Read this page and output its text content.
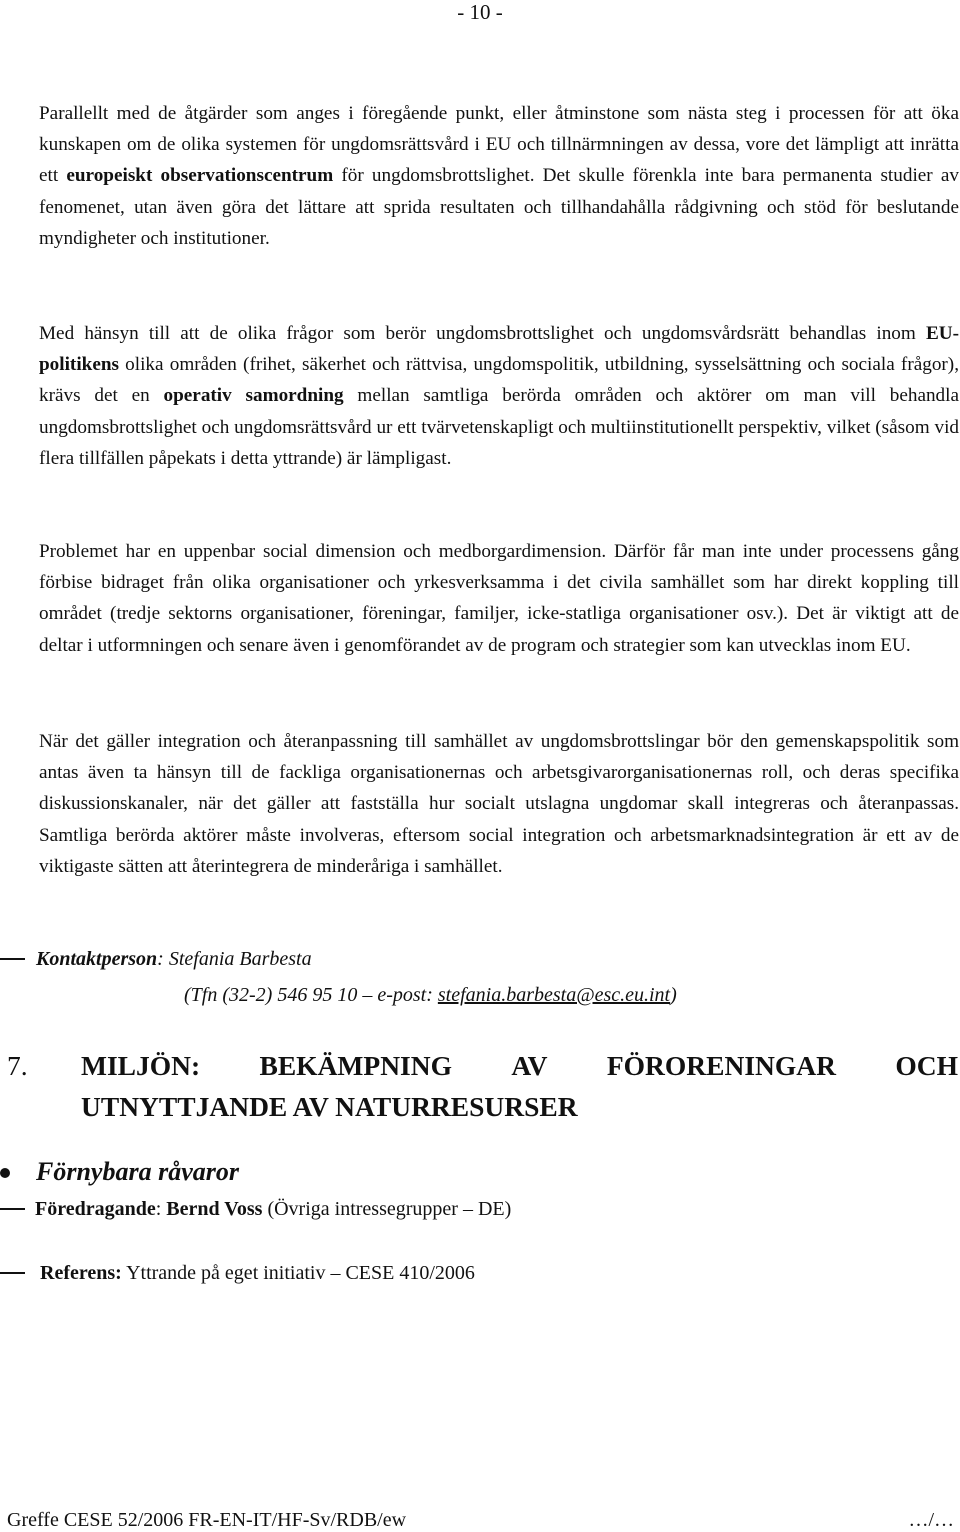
- 10 -

Parallellt med de åtgärder som anges i föregående punkt, eller åtminstone som nästa steg i processen för att öka kunskapen om de olika systemen för ungdomsrättsvård i EU och tillnärmningen av dessa, vore det lämpligt att inrätta ett europeiskt observationscentrum för ungdomsbrottslighet. Det skulle förenkla inte bara permanenta studier av fenomenet, utan även göra det lättare att sprida resultaten och tillhandahålla rådgivning och stöd för beslutande myndigheter och institutioner.

Med hänsyn till att de olika frågor som berör ungdomsbrottslighet och ungdomsvårdsrätt behandlas inom EU-politikens olika områden (frihet, säkerhet och rättvisa, ungdomspolitik, utbildning, sysselsättning och sociala frågor), krävs det en operativ samordning mellan samtliga berörda områden och aktörer om man vill behandla ungdomsbrottslighet och ungdomsrättsvård ur ett tvärvetenskapligt och multiinstitutionellt perspektiv, vilket (såsom vid flera tillfällen påpekats i detta yttrande) är lämpligast.

Problemet har en uppenbar social dimension och medborgardimension. Därför får man inte under processens gång förbise bidraget från olika organisationer och yrkesverksamma i det civila samhället som har direkt koppling till området (tredje sektorns organisationer, föreningar, familjer, icke-statliga organisationer osv.). Det är viktigt att de deltar i utformningen och senare även i genomförandet av de program och strategier som kan utvecklas inom EU.

När det gäller integration och återanpassning till samhället av ungdomsbrottslingar bör den gemenskapspolitik som antas även ta hänsyn till de fackliga organisationernas och arbetsgivarorganisationernas roll, och deras specifika diskussionskanaler, när det gäller att fastställa hur socialt utslagna ungdomar skall integreras och återanpassas. Samtliga berörda aktörer måste involveras, eftersom social integration och arbetsmarknadsintegration är ett av de viktigaste sätten att återintegrera de minderåriga i samhället.

Kontaktperson: Stefania Barbesta
(Tfn (32-2) 546 95 10 – e-post: stefania.barbesta@esc.eu.int)
7. MILJÖN: BEKÄMPNING AV FÖRORENINGAR OCH
UTNYTTJANDE AV NATURRESURSER
Förnybara råvaror
Föredragande: Bernd Voss (Övriga intressegrupper – DE)
Referens: Yttrande på eget initiativ – CESE 410/2006
Greffe CESE 52/2006 FR-EN-IT/HF-Sv/RDB/ew	…/…
